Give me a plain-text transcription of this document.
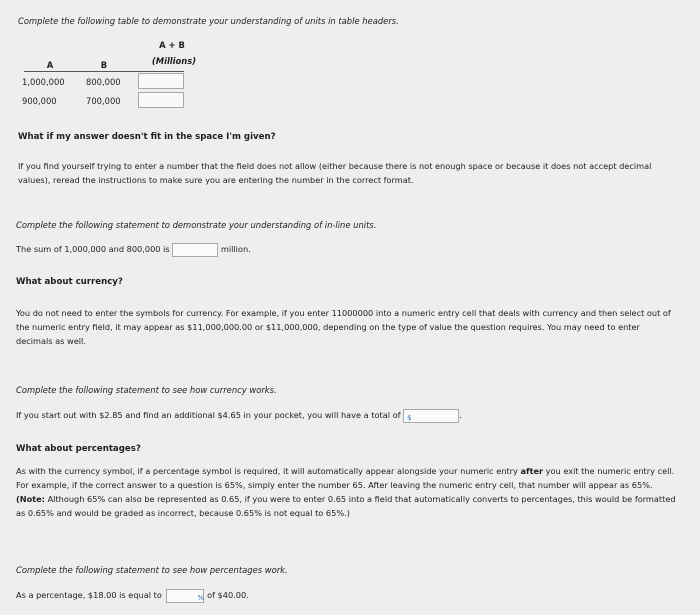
Complete the following table to demonstrate your understanding of units in table headers.
A + B
A	B	(Millions)
1,000,000	800,000
900,000	700,000
What if my answer doesn't fit in the space I'm given?
If you find yourself trying to enter a number that the field does not allow (either because there is not enough space or because it does not accept decimal values), reread the instructions to make sure you are entering the number in the correct format.
Complete the following statement to demonstrate your understanding of in-line units.
The sum of 1,000,000 and 800,000 is	million.
What about currency?
You do not need to enter the symbols for currency. For example, if you enter 11000000 into a numeric entry cell that deals with currency and then select out of the numeric entry field, it may appear as $11,000,000.00 or $11,000,000, depending on the type of value the question requires. You may need to enter decimals as well.
Complete the following statement to see how currency works.
If you start out with $2.85 and find an additional $4.65 in your pocket, you will have a total of $	.
What about percentages?
As with the currency symbol, if a percentage symbol is required, it will automatically appear alongside your numeric entry after you exit the numeric entry cell. For example, if the correct answer to a question is 65%, simply enter the number 65. After leaving the numeric entry cell, that number will appear as 65%. (Note: Although 65% can also be represented as 0.65, if you were to enter 0.65 into a field that automatically converts to percentages, this would be formatted as 0.65% and would be graded as incorrect, because 0.65% is not equal to 65%.)
Complete the following statement to see how percentages work.
As a percentage, $18.00 is equal to	% of $40.00.
